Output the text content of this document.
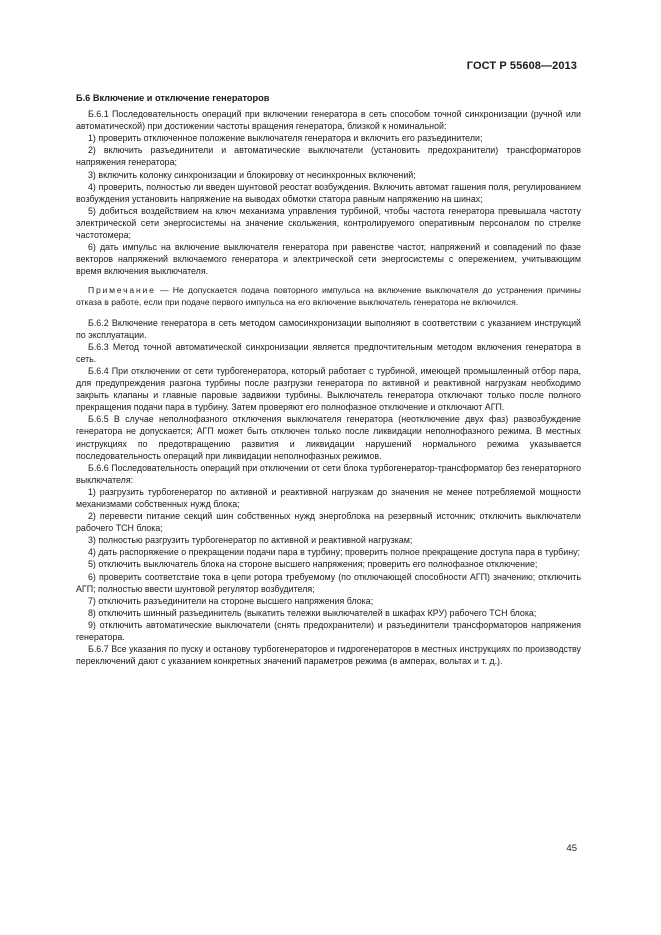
ГОСТ Р 55608—2013
Б.6 Включение и отключение генераторов

Б.6.1 Последовательность операций при включении генератора в сеть способом точной синхронизации (ручной или автоматической) при достижении частоты вращения генератора, близкой к номинальной:

1) проверить отключенное положение выключателя генератора и включить его разъединители;

2) включить разъединители и автоматические выключатели (установить предохранители) трансформаторов напряжения генератора;

3) включить колонку синхронизации и блокировку от несинхронных включений;

4) проверить, полностью ли введен шунтовой реостат возбуждения. Включить автомат гашения поля, регулированием возбуждения установить напряжение на выводах обмотки статора равным напряжению на шинах;

5) добиться воздействием на ключ механизма управления турбиной, чтобы частота генератора превышала частоту электрической сети энергосистемы на значение скольжения, контролируемого оперативным персоналом по стрелке частотомера;

6) дать импульс на включение выключателя генератора при равенстве частот, напряжений и совпадений по фазе векторов напряжений включаемого генератора и электрической сети энергосистемы с опережением, учитывающим время включения выключателя.

Примечание — Не допускается подача повторного импульса на включение выключателя до устранения причины отказа в работе, если при подаче первого импульса на его включение выключатель генератора не включился.

Б.6.2 Включение генератора в сеть методом самосинхронизации выполняют в соответствии с указанием инструкций по эксплуатации.

Б.6.3 Метод точной автоматической синхронизации является предпочтительным методом включения генератора в сеть.

Б.6.4 При отключении от сети турбогенератора, который работает с турбиной, имеющей промышленный отбор пара, для предупреждения разгона турбины после разгрузки генератора по активной и реактивной нагрузкам необходимо закрыть клапаны и главные паровые задвижки турбины. Выключатель генератора отключают только после полного прекращения подачи пара в турбину. Затем проверяют его полнофазное отключение и отключают АГП.

Б.6.5 В случае неполнофазного отключения выключателя генератора (неотключение двух фаз) развозбуждение генератора не допускается; АГП может быть отключен только после ликвидации неполнофазного режима. В местных инструкциях по предотвращению развития и ликвидации нарушений нормального режима указывается последовательность операций при ликвидации неполнофазных режимов.

Б.6.6 Последовательность операций при отключении от сети блока турбогенератор-трансформатор без генераторного выключателя:

1) разгрузить турбогенератор по активной и реактивной нагрузкам до значения не менее потребляемой мощности механизмами собственных нужд блока;

2) перевести питание секций шин собственных нужд энергоблока на резервный источник; отключить выключатели рабочего ТСН блока;

3) полностью разгрузить турбогенератор по активной и реактивной нагрузкам;

4) дать распоряжение о прекращении подачи пара в турбину; проверить полное прекращение доступа пара в турбину;

5) отключить выключатель блока на стороне высшего напряжения; проверить его полнофазное отключение;

6) проверить соответствие тока в цепи ротора требуемому (по отключающей способности АГП) значению; отключить АГП; полностью ввести шунтовой регулятор возбудителя;

7) отключить разъединители на стороне высшего напряжения блока;

8) отключить шинный разъединитель (выкатить тележки выключателей в шкафах КРУ) рабочего ТСН блока;

9) отключить автоматические выключатели (снять предохранители) и разъединители трансформаторов напряжения генератора.

Б.6.7 Все указания по пуску и останову турбогенераторов и гидрогенераторов в местных инструкциях по производству переключений дают с указанием конкретных значений параметров режима (в амперах, вольтах и т. д.).

45
